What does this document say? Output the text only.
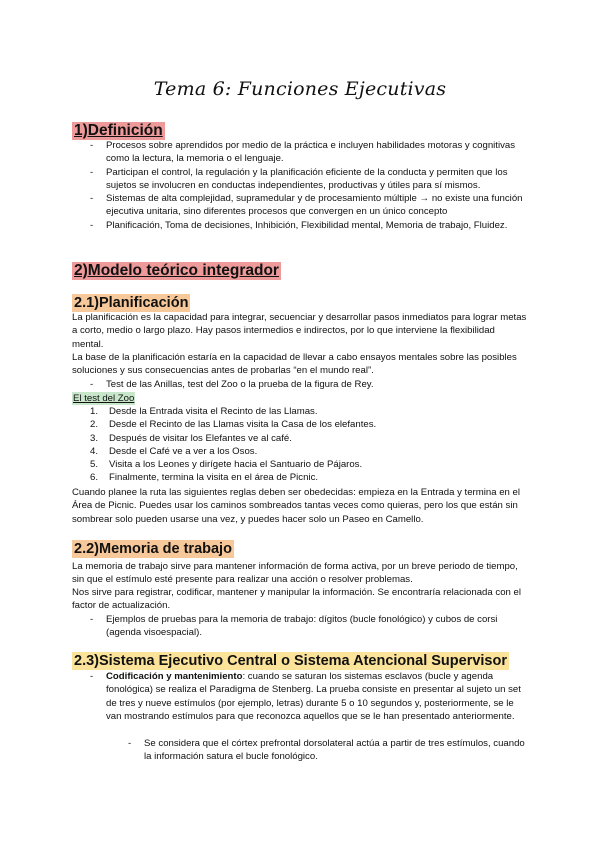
Tema 6: Funciones Ejecutivas
1)Definición
- Procesos sobre aprendidos por medio de la práctica e incluyen habilidades motoras y cognitivas como la lectura, la memoria o el lenguaje.
- Participan el control, la regulación y la planificación eficiente de la conducta y permiten que los sujetos se involucren en conductas independientes, productivas y útiles para sí mismos.
- Sistemas de alta complejidad, supramedular y de procesamiento múltiple → no existe una función ejecutiva unitaria, sino diferentes procesos que convergen en un único concepto
- Planificación, Toma de decisiones, Inhibición, Flexibilidad mental, Memoria de trabajo, Fluidez.
2)Modelo teórico integrador
2.1)Planificación

La planificación es la capacidad para integrar, secuenciar y desarrollar pasos inmediatos para lograr metas a corto, medio o largo plazo. Hay pasos intermedios e indirectos, por lo que interviene la flexibilidad mental.

La base de la planificación estaría en la capacidad de llevar a cabo ensayos mentales sobre las posibles soluciones y sus consecuencias antes de probarlas “en el mundo real”.

- Test de las Anillas, test del Zoo o la prueba de la figura de Rey.
El test del Zoo
1. Desde la Entrada visita el Recinto de las Llamas.
2. Desde el Recinto de las Llamas visita la Casa de los elefantes.
3. Después de visitar los Elefantes ve al café.
4. Desde el Café ve a ver a los Osos.
5. Visita a los Leones y dirígete hacia el Santuario de Pájaros.
6. Finalmente, termina la visita en el área de Picnic.

Cuando planee la ruta las siguientes reglas deben ser obedecidas: empieza en la Entrada y termina en el Área de Picnic. Puedes usar los caminos sombreados tantas veces como quieras, pero los que están sin sombrear solo pueden usarse una vez, y puedes hacer solo un Paseo en Camello.

2.2)Memoria de trabajo

La memoria de trabajo sirve para mantener información de forma activa, por un breve periodo de tiempo, sin que el estímulo esté presente para realizar una acción o resolver problemas.

Nos sirve para registrar, codificar, mantener y manipular la información. Se encontraría relacionada con el factor de actualización.

- Ejemplos de pruebas para la memoria de trabajo: dígitos (bucle fonológico) y cubos de corsi (agenda visoespacial).
2.3)Sistema Ejecutivo Central o Sistema Atencional Supervisor
- Codificación y mantenimiento: cuando se saturan los sistemas esclavos (bucle y agenda fonológica) se realiza el Paradigma de Stenberg. La prueba consiste en presentar al sujeto un set de tres y nueve estímulos (por ejemplo, letras) durante 5 o 10 segundos y, posteriormente, se le van mostrando estímulos para que reconozca aquellos que se le han presentado anteriormente.
- Se considera que el córtex prefrontal dorsolateral actúa a partir de tres estímulos, cuando la información satura el bucle fonológico.
